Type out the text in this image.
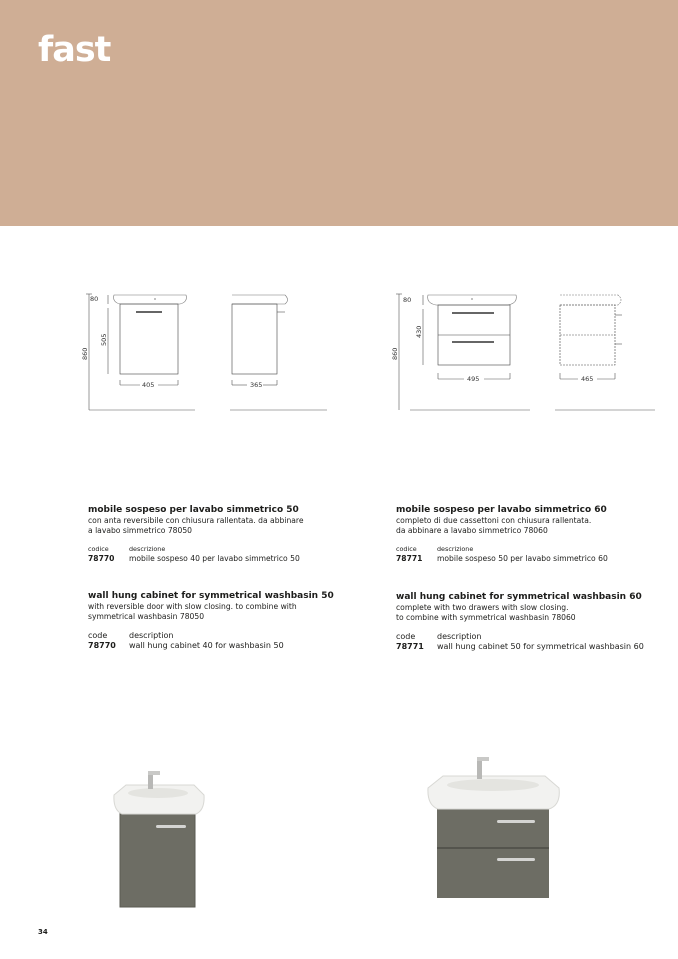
fast
80
860
505
405	365
80
860
430
495	465

mobile sospeso per lavabo simmetrico 50

con anta reversibile con chiusura rallentata. da abbinare

a lavabo simmetrico 78050

codice	descrizione
78770	mobile sospeso 40 per lavabo simmetrico 50

wall hung cabinet for symmetrical washbasin 50

with reversible door with slow closing. to combine with

symmetrical washbasin 78050

code	description
78770	wall hung cabinet 40 for washbasin 50

mobile sospeso per lavabo simmetrico 60

completo di due cassettoni con chiusura rallentata.

da abbinare a lavabo simmetrico 78060

codice	descrizione
78771	mobile sospeso 50 per lavabo simmetrico 60

wall hung cabinet for symmetrical washbasin 60

complete with two drawers with slow closing.

to combine with symmetrical washbasin 78060

code	description
78771	wall hung cabinet 50 for symmetrical washbasin 60
34
